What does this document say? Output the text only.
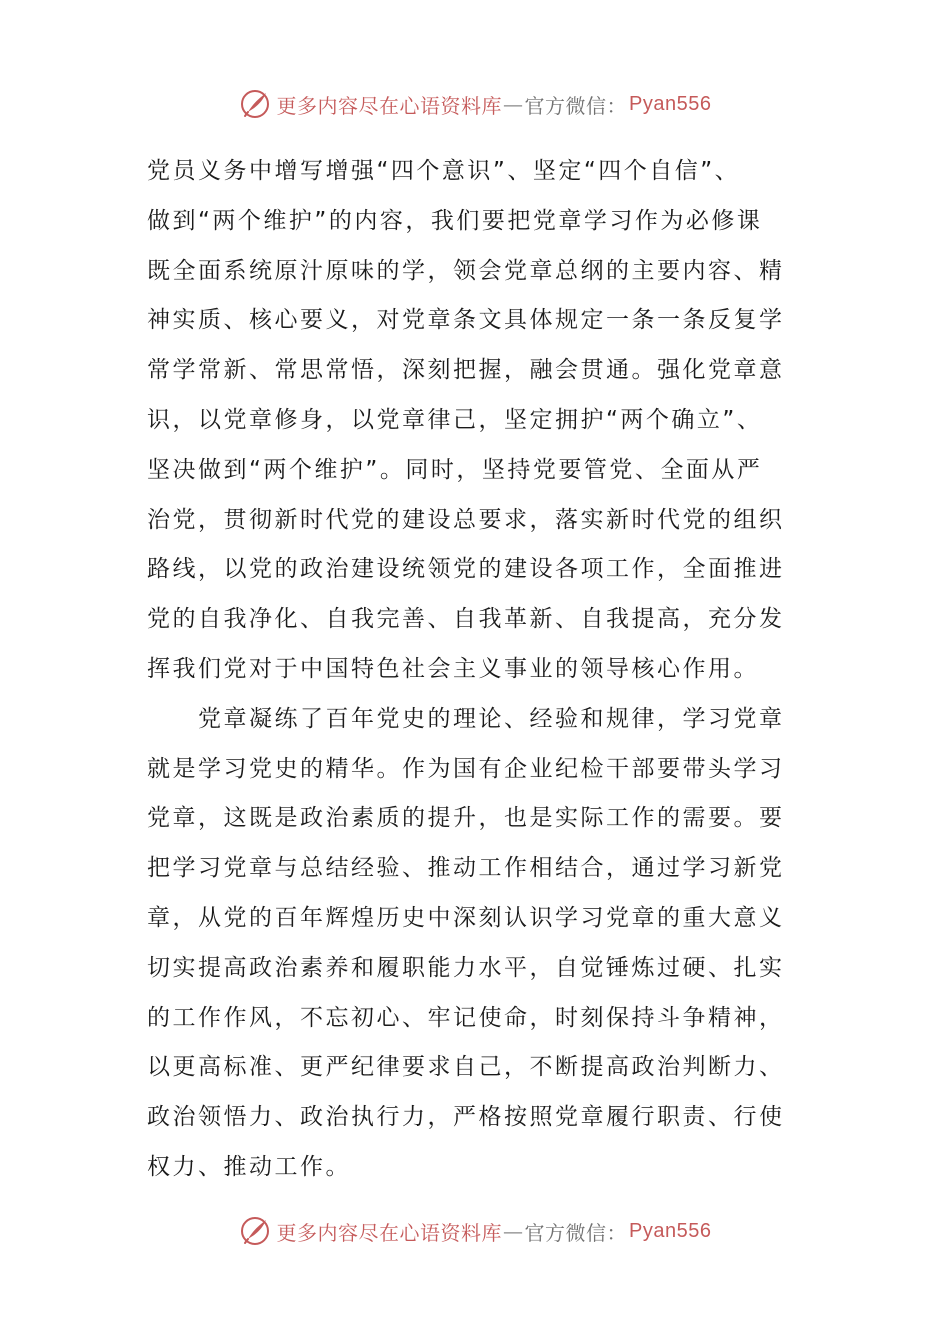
更多内容尽在心语资料库 — 官方微信： Pyan556
党员义务中增写增强“四个意识”、坚定“四个自信”、
做到“两个维护”的内容，我们要把党章学习作为必修课
既全面系统原汁原味的学，领会党章总纲的主要内容、精
神实质、核心要义，对党章条文具体规定一条一条反复学
常学常新、常思常悟，深刻把握，融会贯通。强化党章意
识，以党章修身，以党章律己，坚定拥护“两个确立”、
坚决做到“两个维护”。同时，坚持党要管党、全面从严
治党，贯彻新时代党的建设总要求，落实新时代党的组织
路线，以党的政治建设统领党的建设各项工作，全面推进
党的自我净化、自我完善、自我革新、自我提高，充分发
挥我们党对于中国特色社会主义事业的领导核心作用。
　　党章凝练了百年党史的理论、经验和规律，学习党章
就是学习党史的精华。作为国有企业纪检干部要带头学习
党章，这既是政治素质的提升，也是实际工作的需要。要
把学习党章与总结经验、推动工作相结合，通过学习新党
章，从党的百年辉煌历史中深刻认识学习党章的重大意义
切实提高政治素养和履职能力水平，自觉锤炼过硬、扎实
的工作作风，不忘初心、牢记使命，时刻保持斗争精神，
以更高标准、更严纪律要求自己，不断提高政治判断力、
政治领悟力、政治执行力，严格按照党章履行职责、行使
权力、推动工作。
更多内容尽在心语资料库 — 官方微信： Pyan556
